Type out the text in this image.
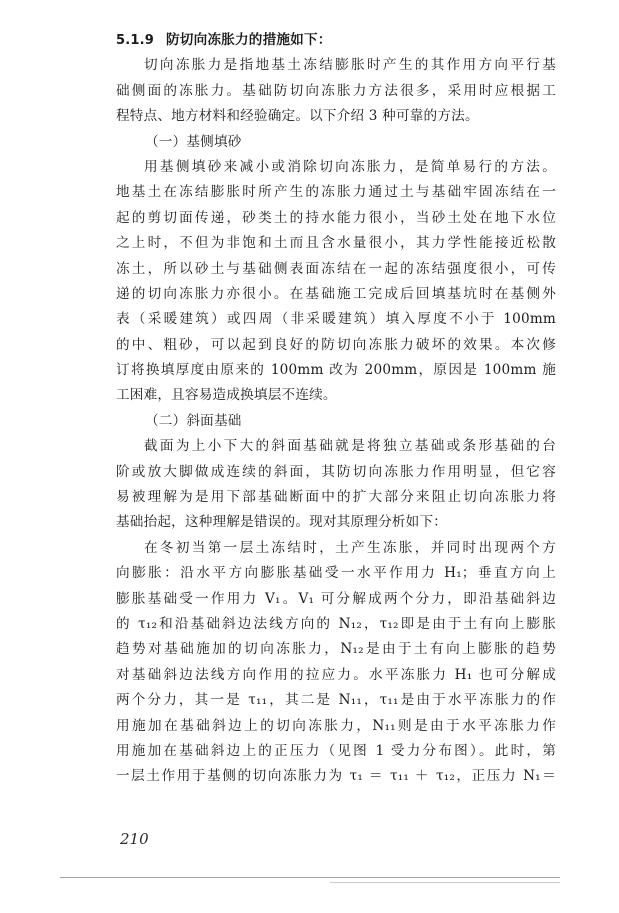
5.1.9 防切向冻胀力的措施如下：
切向冻胀力是指地基土冻结膨胀时产生的其作用方向平行基
础侧面的冻胀力。基础防切向冻胀力方法很多，采用时应根据工
程特点、地方材料和经验确定。以下介绍 3 种可靠的方法。
（一）基侧填砂
用基侧填砂来减小或消除切向冻胀力，是简单易行的方法。
地基土在冻结膨胀时所产生的冻胀力通过土与基础牢固冻结在一
起的剪切面传递，砂类土的持水能力很小，当砂土处在地下水位
之上时，不但为非饱和土而且含水量很小，其力学性能接近松散
冻土，所以砂土与基础侧表面冻结在一起的冻结强度很小，可传
递的切向冻胀力亦很小。在基础施工完成后回填基坑时在基侧外
表（采暖建筑）或四周（非采暖建筑）填入厚度不小于 100mm
的中、粗砂，可以起到良好的防切向冻胀力破坏的效果。本次修
订将换填厚度由原来的 100mm 改为 200mm，原因是 100mm 施
工困难，且容易造成换填层不连续。
（二）斜面基础
截面为上小下大的斜面基础就是将独立基础或条形基础的台
阶或放大脚做成连续的斜面，其防切向冻胀力作用明显，但它容
易被理解为是用下部基础断面中的扩大部分来阻止切向冻胀力将
基础抬起，这种理解是错误的。现对其原理分析如下：
在冬初当第一层土冻结时，土产生冻胀，并同时出现两个方
向膨胀：沿水平方向膨胀基础受一水平作用力 H₁；垂直方向上
膨胀基础受一作用力 V₁。V₁ 可分解成两个分力，即沿基础斜边
的 τ₁₂和沿基础斜边法线方向的 N₁₂，τ₁₂即是由于土有向上膨胀
趋势对基础施加的切向冻胀力，N₁₂是由于土有向上膨胀的趋势
对基础斜边法线方向作用的拉应力。水平冻胀力 H₁ 也可分解成
两个分力，其一是 τ₁₁，其二是 N₁₁，τ₁₁是由于水平冻胀力的作
用施加在基础斜边上的切向冻胀力，N₁₁则是由于水平冻胀力作
用施加在基础斜边上的正压力（见图 1 受力分布图）。此时，第
一层土作用于基侧的切向冻胀力为 τ₁ ＝ τ₁₁ ＋ τ₁₂，正压力 N₁＝
210
